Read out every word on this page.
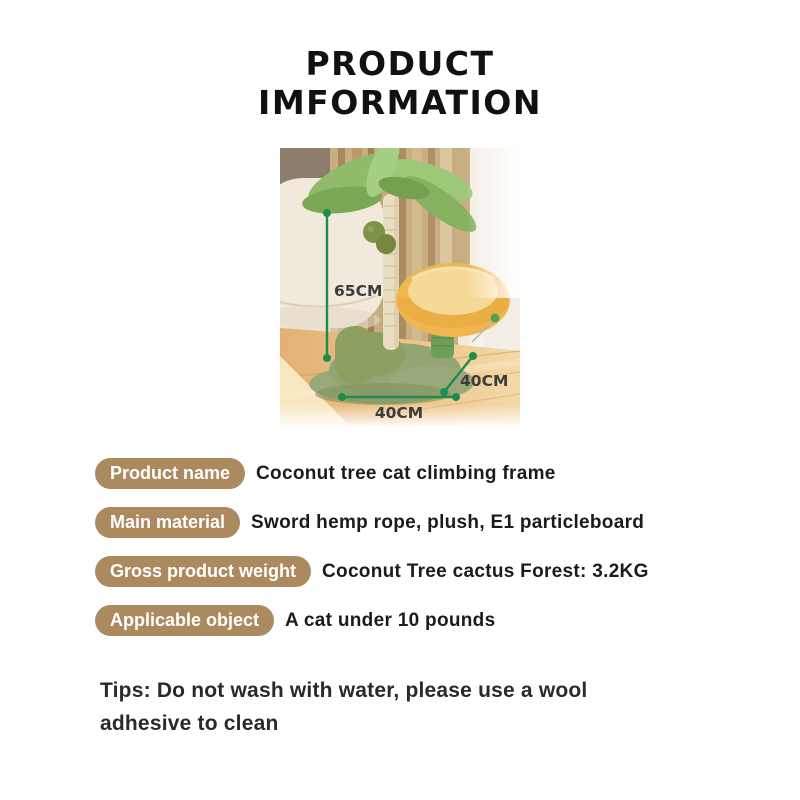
PRODUCT
IMFORMATION
65CM
40CM
40CM
Product name	Coconut tree cat climbing frame
Main material	Sword hemp rope, plush, E1 particleboard
Gross product weight	Coconut Tree cactus Forest: 3.2KG
Applicable object	A cat under 10 pounds
Tips: Do not wash with water, please use a wool adhesive to clean
